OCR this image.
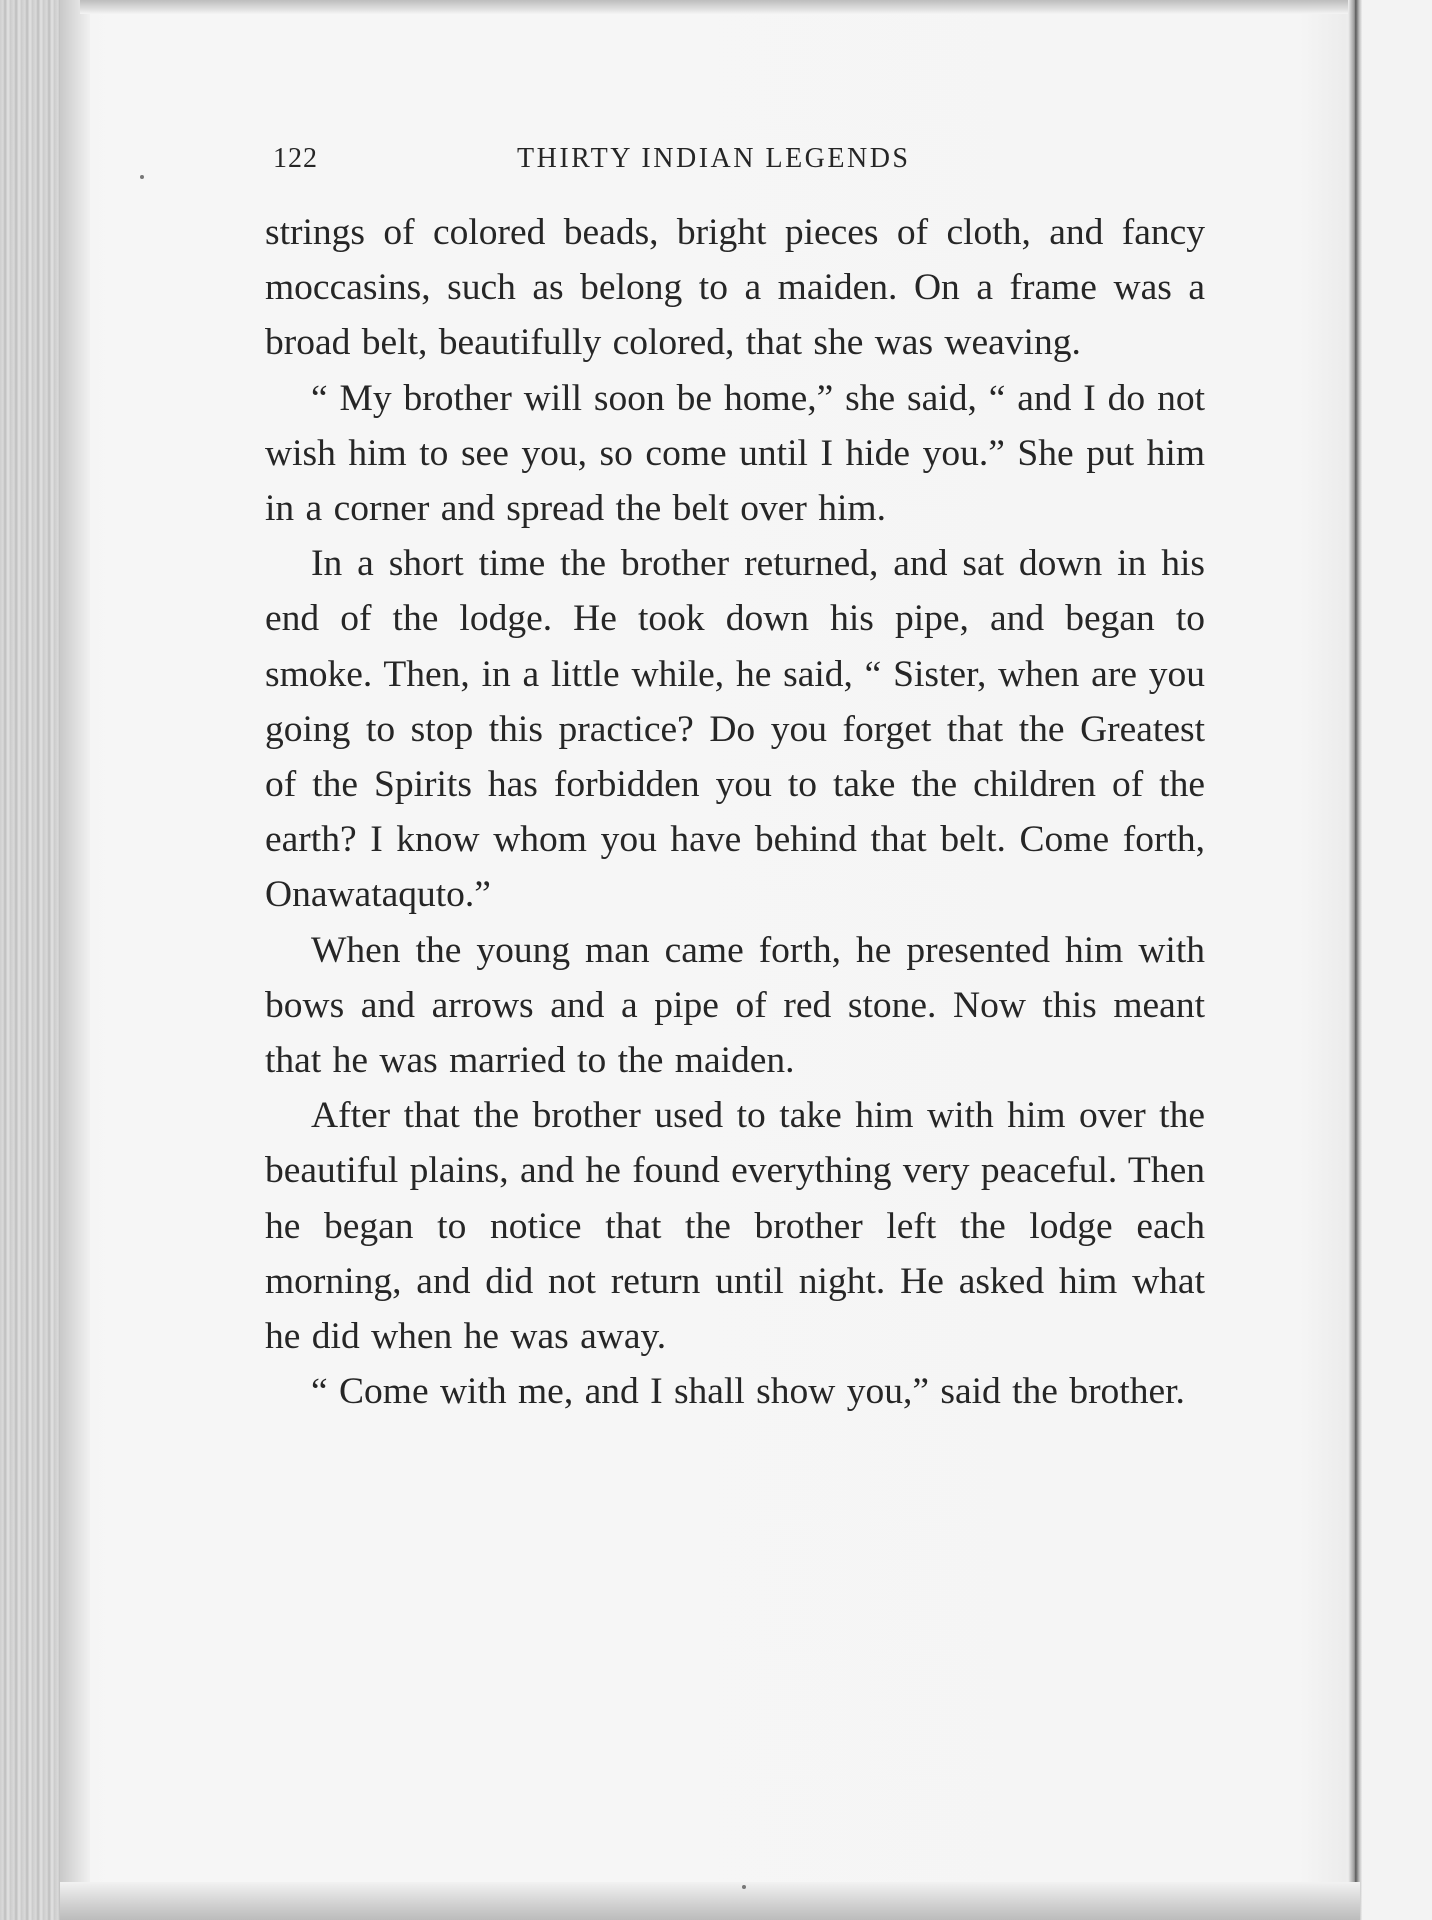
122	THIRTY INDIAN LEGENDS

strings of colored beads, bright pieces of cloth, and fancy moccasins, such as belong to a maiden. On a frame was a broad belt, beautifully colored, that she was weaving.

“ My brother will soon be home,” she said, “ and I do not wish him to see you, so come until I hide you.” She put him in a corner and spread the belt over him.

In a short time the brother returned, and sat down in his end of the lodge. He took down his pipe, and began to smoke. Then, in a little while, he said, “ Sister, when are you going to stop this practice? Do you forget that the Greatest of the Spirits has forbidden you to take the children of the earth? I know whom you have behind that belt. Come forth, Onawataquto.”

When the young man came forth, he presented him with bows and arrows and a pipe of red stone. Now this meant that he was married to the maiden.

After that the brother used to take him with him over the beautiful plains, and he found everything very peaceful. Then he began to notice that the brother left the lodge each morning, and did not return until night. He asked him what he did when he was away.

“ Come with me, and I shall show you,” said the brother.
